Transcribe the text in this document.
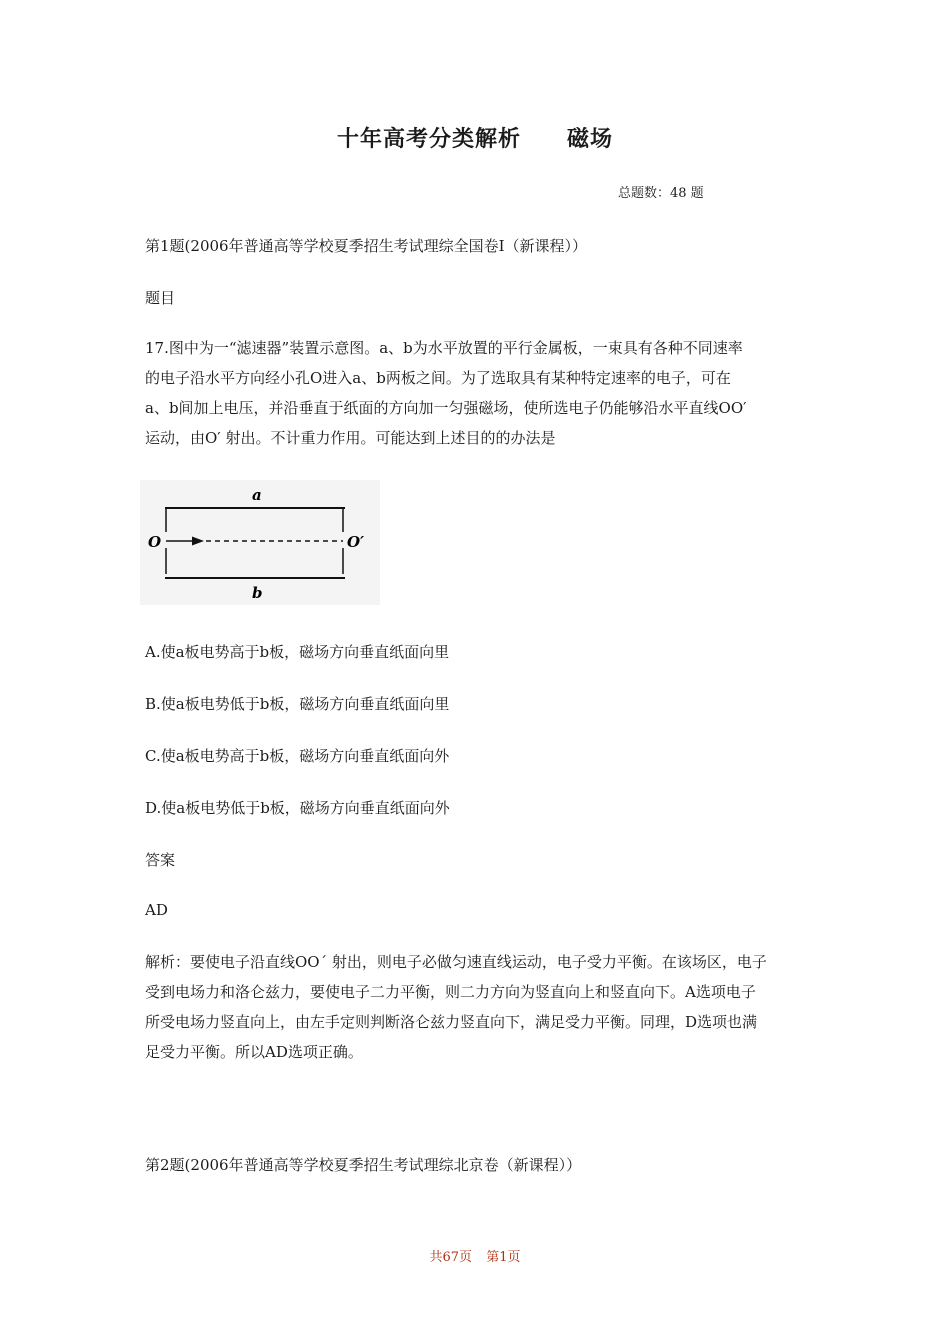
十年高考分类解析　　磁场
总题数：48 题
第1题(2006年普通高等学校夏季招生考试理综全国卷Ⅰ（新课程））
题目
17.图中为一“滤速器”装置示意图。a、b为水平放置的平行金属板，一束具有各种不同速率
的电子沿水平方向经小孔O进入a、b两板之间。为了选取具有某种特定速率的电子，可在
a、b间加上电压，并沿垂直于纸面的方向加一匀强磁场，使所选电子仍能够沿水平直线OO′
运动，由O′ 射出。不计重力作用。可能达到上述目的的办法是
a
b
O	O′
A.使a板电势高于b板，磁场方向垂直纸面向里
B.使a板电势低于b板，磁场方向垂直纸面向里
C.使a板电势高于b板，磁场方向垂直纸面向外
D.使a板电势低于b板，磁场方向垂直纸面向外
答案
AD
解析：要使电子沿直线OO´ 射出，则电子必做匀速直线运动，电子受力平衡。在该场区，电子
受到电场力和洛仑兹力，要使电子二力平衡，则二力方向为竖直向上和竖直向下。A选项电子
所受电场力竖直向上，由左手定则判断洛仑兹力竖直向下，满足受力平衡。同理，D选项也满
足受力平衡。所以AD选项正确。
第2题(2006年普通高等学校夏季招生考试理综北京卷（新课程））
共67页 第1页
